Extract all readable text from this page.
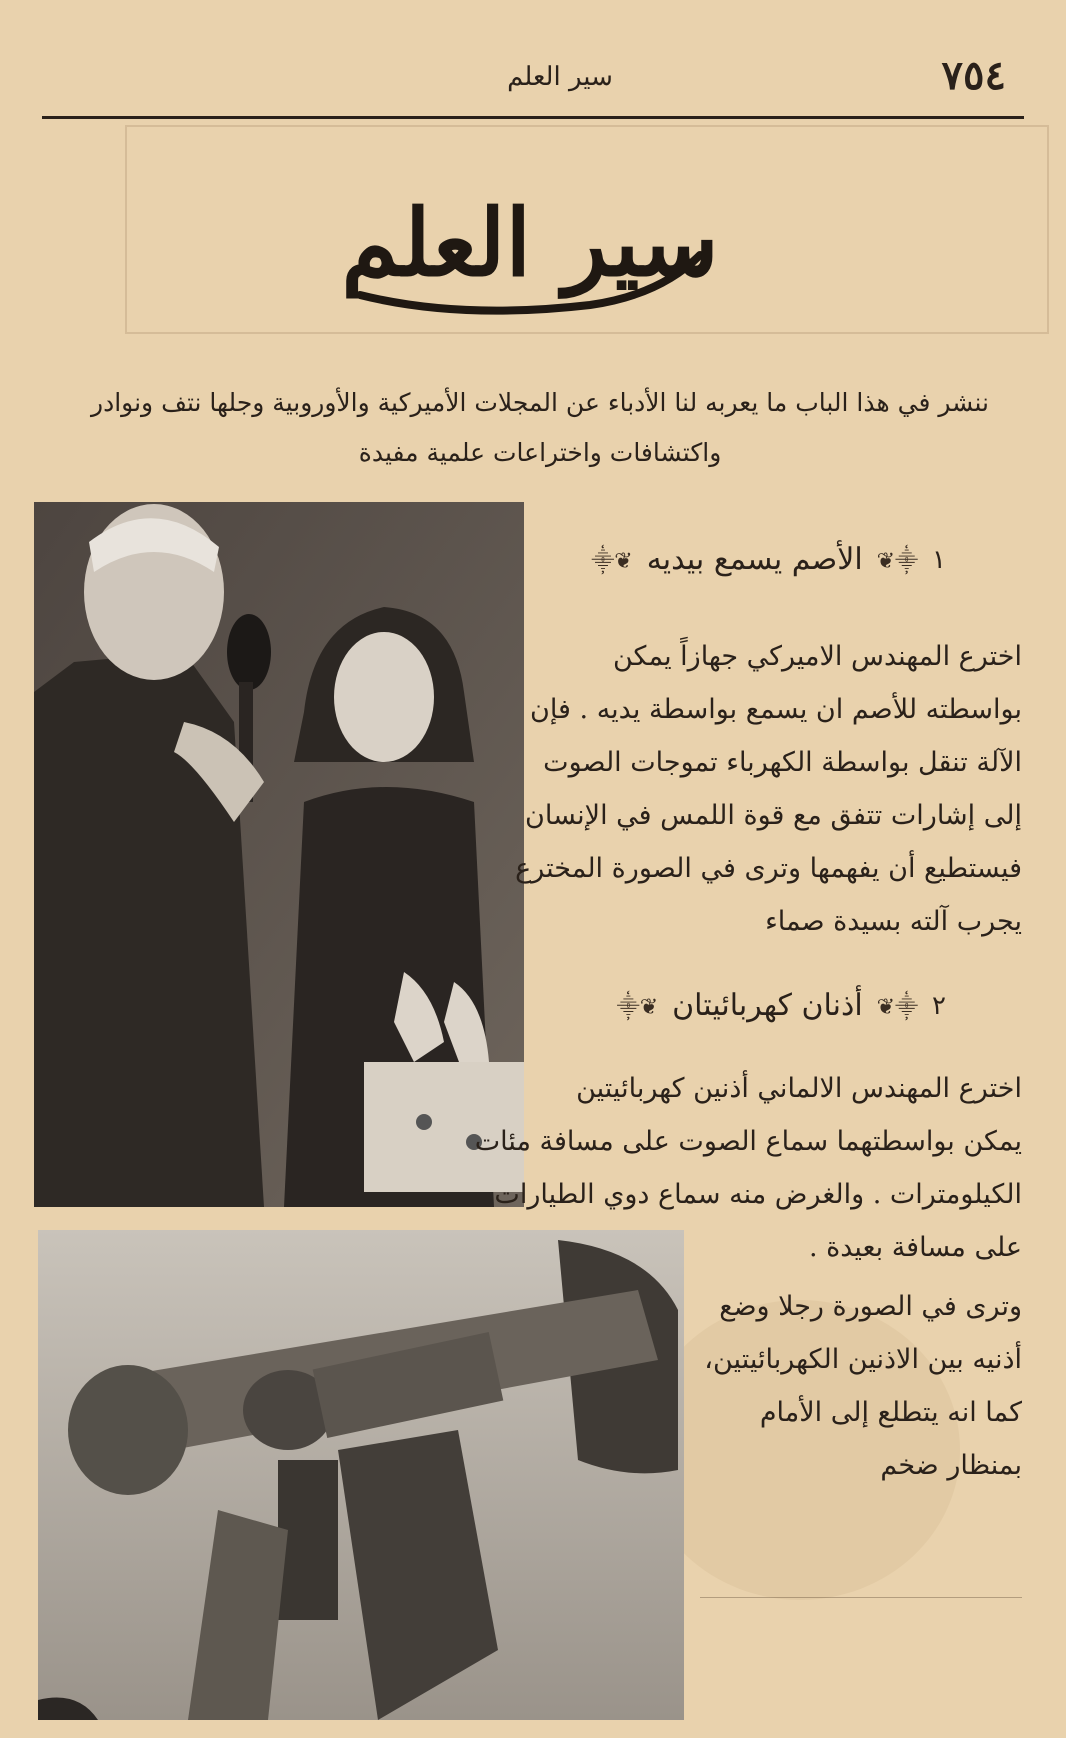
٧٥٤
سير العلم
سير العلم
ننشر في هذا الباب ما يعربه لنا الأدباء عن المجلات الأميركية والأوروبية وجلها نتف ونوادر
واكتشافات واختراعات علمية مفيدة
١
⸎❦
الأصم يسمع بيديه
❦⸎

اخترع المهندس الاميركي جهازاً يمكن

بواسطته للأصم ان يسمع بواسطة يديه . فإن

الآلة تنقل بواسطة الكهرباء تموجات الصوت

إلى إشارات تتفق مع قوة اللمس في الإنسان

فيستطيع أن يفهمها وترى في الصورة المخترع

يجرب آلته بسيدة صماء

٢
⸎❦
أذنان كهربائيتان
❦⸎

اخترع المهندس الالماني أذنين كهربائيتين

يمكن بواسطتهما سماع الصوت على مسافة مئات

الكيلومترات . والغرض منه سماع دوي الطيارات

على مسافة بعيدة .

وترى في الصورة رجلا وضع

أذنيه بين الاذنين الكهربائيتين،

كما انه يتطلع إلى الأمام

بمنظار ضخم
